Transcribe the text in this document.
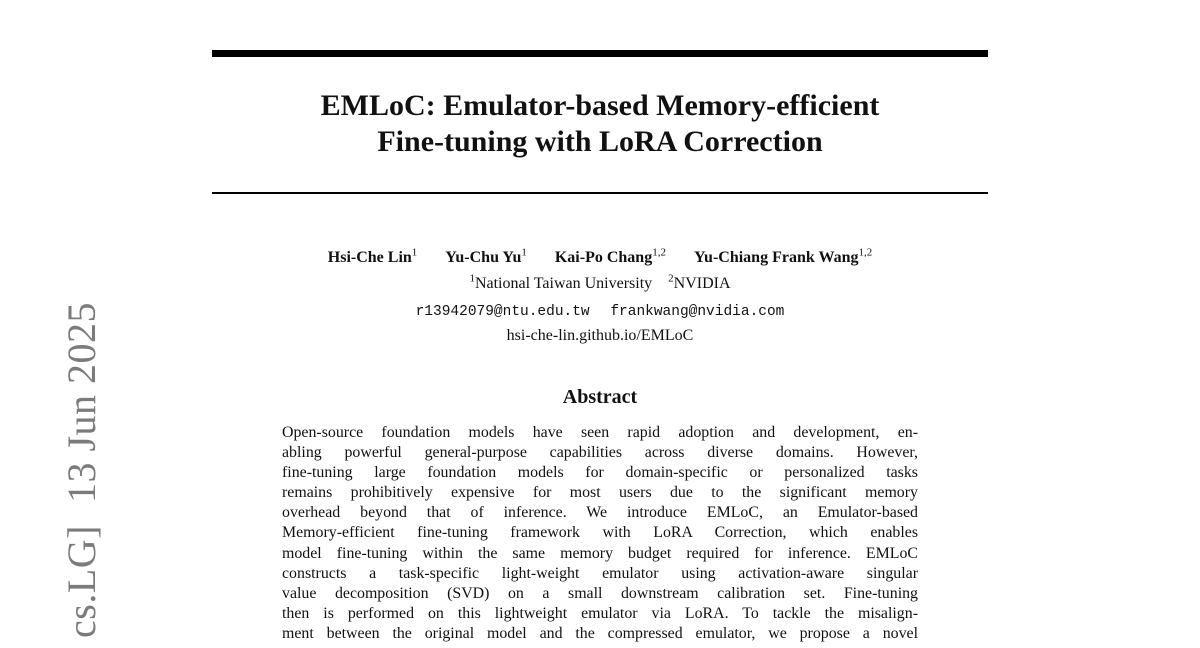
cs.LG]13 Jun 2025
EMLoC: Emulator-based Memory-efficient
Fine-tuning with LoRA Correction
Hsi-Che Lin$^1$ Yu-Chu Yu$^1$ Kai-Po Chang$^{1,2}$ Yu-Chiang Frank Wang$^{1,2}$
$^1$National Taiwan University $^2$NVIDIA
r13942079@ntu.edu.tw frankwang@nvidia.com
hsi-che-lin.github.io/EMLoC
Abstract
Open-source foundation models have seen rapid adoption and development, en-
abling powerful general-purpose capabilities across diverse domains. However,
fine-tuning large foundation models for domain-specific or personalized tasks
remains prohibitively expensive for most users due to the significant memory
overhead beyond that of inference. We introduce EMLoC, an Emulator-based
Memory-efficient fine-tuning framework with LoRA Correction, which enables
model fine-tuning within the same memory budget required for inference. EMLoC
constructs a task-specific light-weight emulator using activation-aware singular
value decomposition (SVD) on a small downstream calibration set. Fine-tuning
then is performed on this lightweight emulator via LoRA. To tackle the misalign-
ment between the original model and the compressed emulator, we propose a novel
